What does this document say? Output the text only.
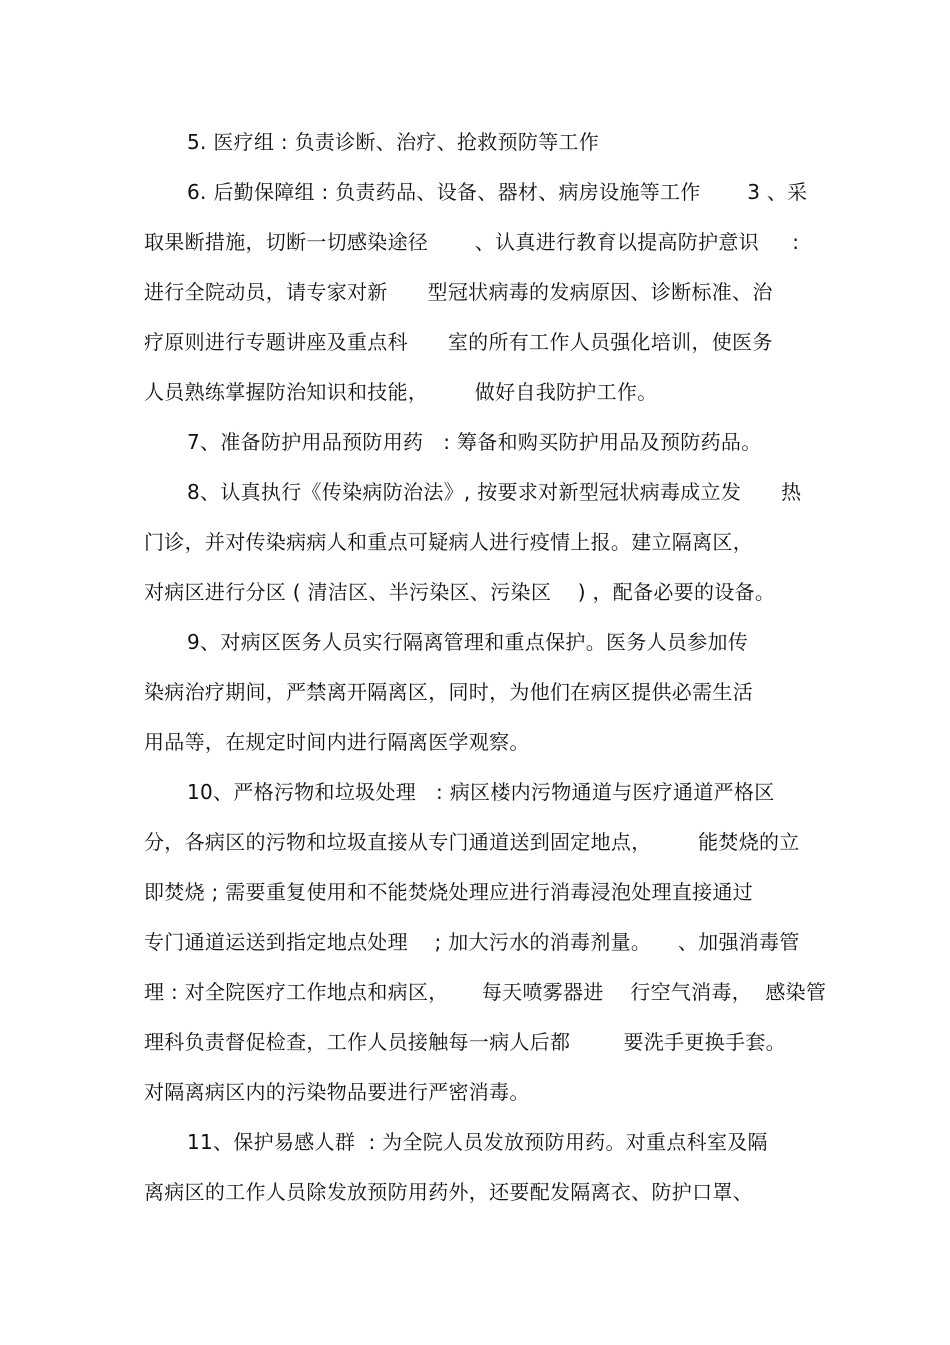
5. 医疗组 : 负责诊断、治疗、抢救预防等工作
6. 后勤保障组 : 负责药品、设备、器材、病房设施等工作       3 、采
取果断措施，切断一切感染途径       、认真进行教育以提高防护意识     :
进行全院动员，请专家对新      型冠状病毒的发病原因、诊断标准、治
疗原则进行专题讲座及重点科      室的所有工作人员强化培训，使医务
人员熟练掌握防治知识和技能，       做好自我防护工作。
7、准备防护用品预防用药   : 筹备和购买防护用品及预防药品。
8、认真执行《传染病防治法》, 按要求对新型冠状病毒成立发      热
门诊，并对传染病病人和重点可疑病人进行疫情上报。建立隔离区，
对病区进行分区 ( 清洁区、半污染区、污染区    ) ，配备必要的设备。
9、对病区医务人员实行隔离管理和重点保护。医务人员参加传
染病治疗期间，严禁离开隔离区，同时，为他们在病区提供必需生活
用品等，在规定时间内进行隔离医学观察。
10、严格污物和垃圾处理   : 病区楼内污物通道与医疗通道严格区
分，各病区的污物和垃圾直接从专门通道送到固定地点，       能焚烧的立
即焚烧 ; 需要重复使用和不能焚烧处理应进行消毒浸泡处理直接通过
专门通道运送到指定地点处理    ; 加大污水的消毒剂量。    、加强消毒管
理 : 对全院医疗工作地点和病区，     每天喷雾器进    行空气消毒，  感染管
理科负责督促检查，工作人员接触每一病人后都        要洗手更换手套。
对隔离病区内的污染物品要进行严密消毒。
11、保护易感人群  : 为全院人员发放预防用药。对重点科室及隔
离病区的工作人员除发放预防用药外，还要配发隔离衣、防护口罩、
